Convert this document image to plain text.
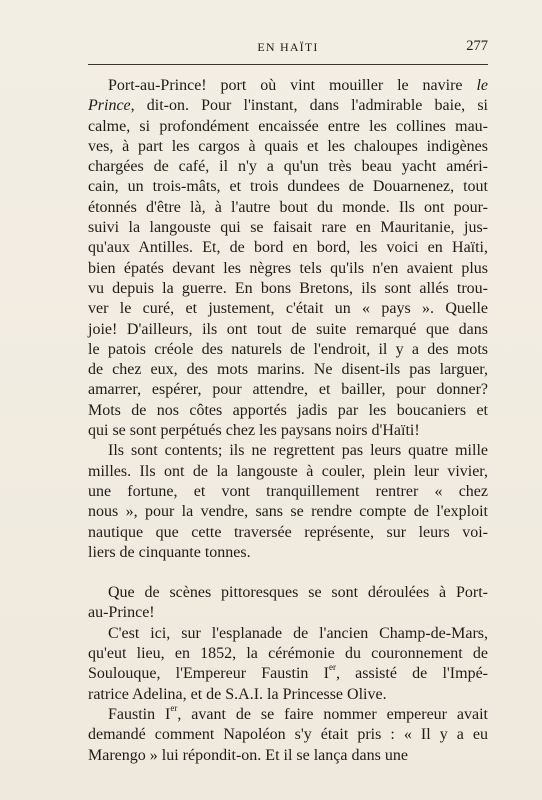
EN HAÏTI	277
Port-au-Prince! port où vint mouiller le navire le
Prince, dit-on. Pour l'instant, dans l'admirable baie, si
calme, si profondément encaissée entre les collines mau-
ves, à part les cargos à quais et les chaloupes indigènes
chargées de café, il n'y a qu'un très beau yacht améri-
cain, un trois-mâts, et trois dundees de Douarnenez, tout
étonnés d'être là, à l'autre bout du monde. Ils ont pour-
suivi la langouste qui se faisait rare en Mauritanie, jus-
qu'aux Antilles. Et, de bord en bord, les voici en Haïti,
bien épatés devant les nègres tels qu'ils n'en avaient plus
vu depuis la guerre. En bons Bretons, ils sont allés trou-
ver le curé, et justement, c'était un « pays ». Quelle
joie! D'ailleurs, ils ont tout de suite remarqué que dans
le patois créole des naturels de l'endroit, il y a des mots
de chez eux, des mots marins. Ne disent-ils pas larguer,
amarrer, espérer, pour attendre, et bailler, pour donner?
Mots de nos côtes apportés jadis par les boucaniers et
qui se sont perpétués chez les paysans noirs d'Haïti!
Ils sont contents; ils ne regrettent pas leurs quatre mille
milles. Ils ont de la langouste à couler, plein leur vivier,
une fortune, et vont tranquillement rentrer « chez
nous », pour la vendre, sans se rendre compte de l'exploit
nautique que cette traversée représente, sur leurs voi-
liers de cinquante tonnes.
Que de scènes pittoresques se sont déroulées à Port-
au-Prince!
C'est ici, sur l'esplanade de l'ancien Champ-de-Mars,
qu'eut lieu, en 1852, la cérémonie du couronnement de
Soulouque, l'Empereur Faustin Ier, assisté de l'Impé-
ratrice Adelina, et de S.A.I. la Princesse Olive.
Faustin Ier, avant de se faire nommer empereur avait
demandé comment Napoléon s'y était pris : « Il y a eu
Marengo » lui répondit-on. Et il se lança dans une
